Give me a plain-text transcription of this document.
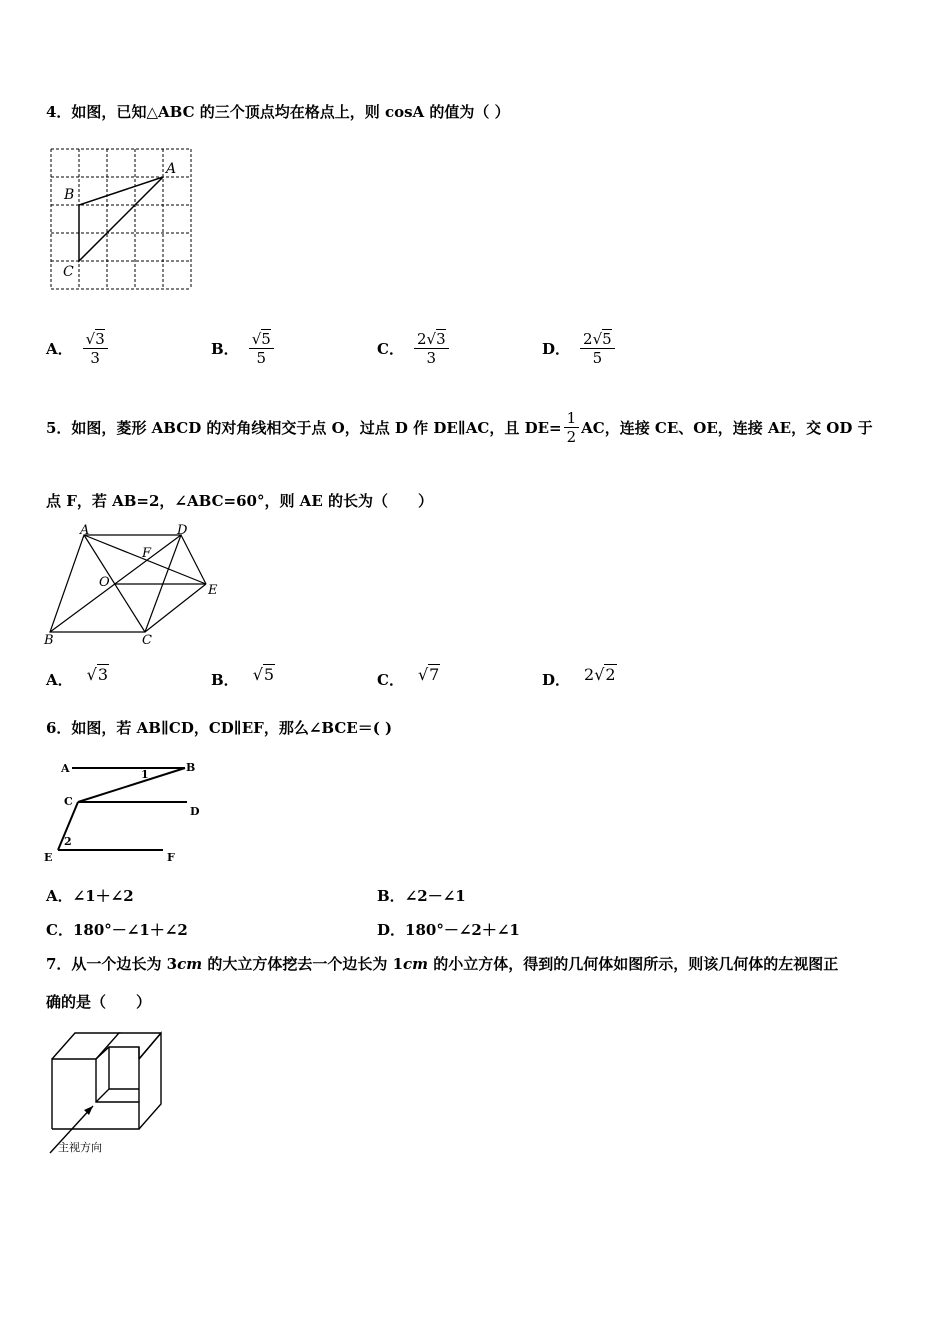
4．如图，已知△ABC 的三个顶点均在格点上，则 cosA 的值为（ ）
A
B
C
A． $\frac{√3}{3}$	B． $\frac{√5}{5}$	C． $\frac{2√3}{3}$	D． $\frac{2√5}{5}$
5．如图，菱形 ABCD 的对角线相交于点 O，过点 D 作 DE∥AC，且 $DE= \frac{1}{2}$ AC，连接 CE、OE，连接 AE，交 OD 于
点 F，若 AB=2，∠ABC=60°，则 AE 的长为（　　）
A	D
F
O
E
B	C
A． √3	B． √5	C． √7	D． 2√2
6．如图，若 AB∥CD，CD∥EF，那么∠BCE＝( )
A	B
1
C
D
2
E	F
A．∠1＋∠2	B．∠2－∠1
C．180°－∠1＋∠2	D．180°－∠2＋∠1
7．从一个边长为 3cm 的大立方体挖去一个边长为 1cm 的小立方体，得到的几何体如图所示，则该几何体的左视图正
确的是（　　）
主视方向
